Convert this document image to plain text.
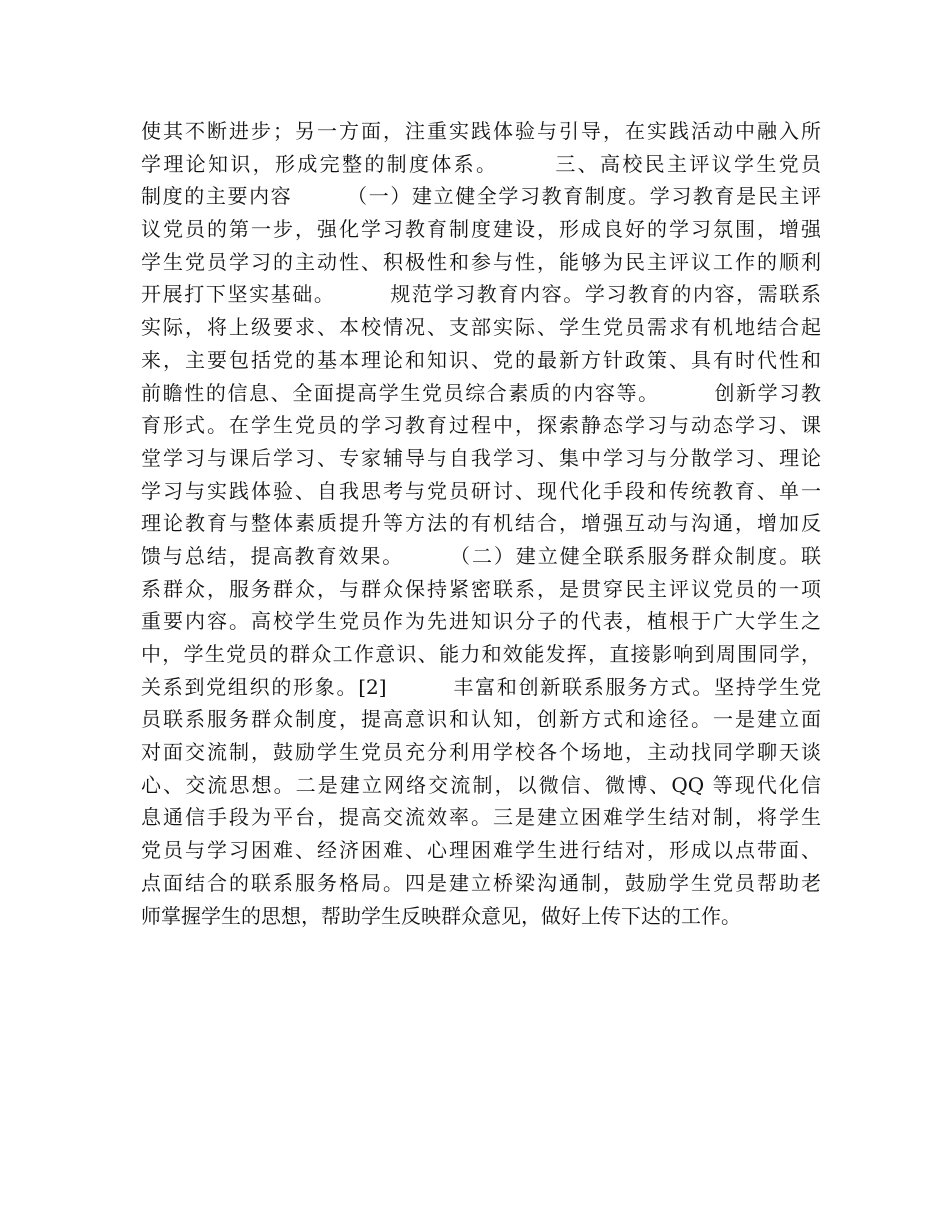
使其不断进步；另一方面，注重实践体验与引导，在实践活动中融入所
学理论知识，形成完整的制度体系。　　　三、高校民主评议学生党员
制度的主要内容　　　（一）建立健全学习教育制度。学习教育是民主评
议党员的第一步，强化学习教育制度建设，形成良好的学习氛围，增强
学生党员学习的主动性、积极性和参与性，能够为民主评议工作的顺利
开展打下坚实基础。　　　规范学习教育内容。学习教育的内容，需联系
实际，将上级要求、本校情况、支部实际、学生党员需求有机地结合起
来，主要包括党的基本理论和知识、党的最新方针政策、具有时代性和
前瞻性的信息、全面提高学生党员综合素质的内容等。　　　创新学习教
育形式。在学生党员的学习教育过程中，探索静态学习与动态学习、课
堂学习与课后学习、专家辅导与自我学习、集中学习与分散学习、理论
学习与实践体验、自我思考与党员研讨、现代化手段和传统教育、单一
理论教育与整体素质提升等方法的有机结合，增强互动与沟通，增加反
馈与总结，提高教育效果。　　　（二）建立健全联系服务群众制度。联
系群众，服务群众，与群众保持紧密联系，是贯穿民主评议党员的一项
重要内容。高校学生党员作为先进知识分子的代表，植根于广大学生之
中，学生党员的群众工作意识、能力和效能发挥，直接影响到周围同学，
关系到党组织的形象。[2]　　　丰富和创新联系服务方式。坚持学生党
员联系服务群众制度，提高意识和认知，创新方式和途径。一是建立面
对面交流制，鼓励学生党员充分利用学校各个场地，主动找同学聊天谈
心、交流思想。二是建立网络交流制，以微信、微博、QQ 等现代化信
息通信手段为平台，提高交流效率。三是建立困难学生结对制，将学生
党员与学习困难、经济困难、心理困难学生进行结对，形成以点带面、
点面结合的联系服务格局。四是建立桥梁沟通制，鼓励学生党员帮助老
师掌握学生的思想，帮助学生反映群众意见，做好上传下达的工作。
